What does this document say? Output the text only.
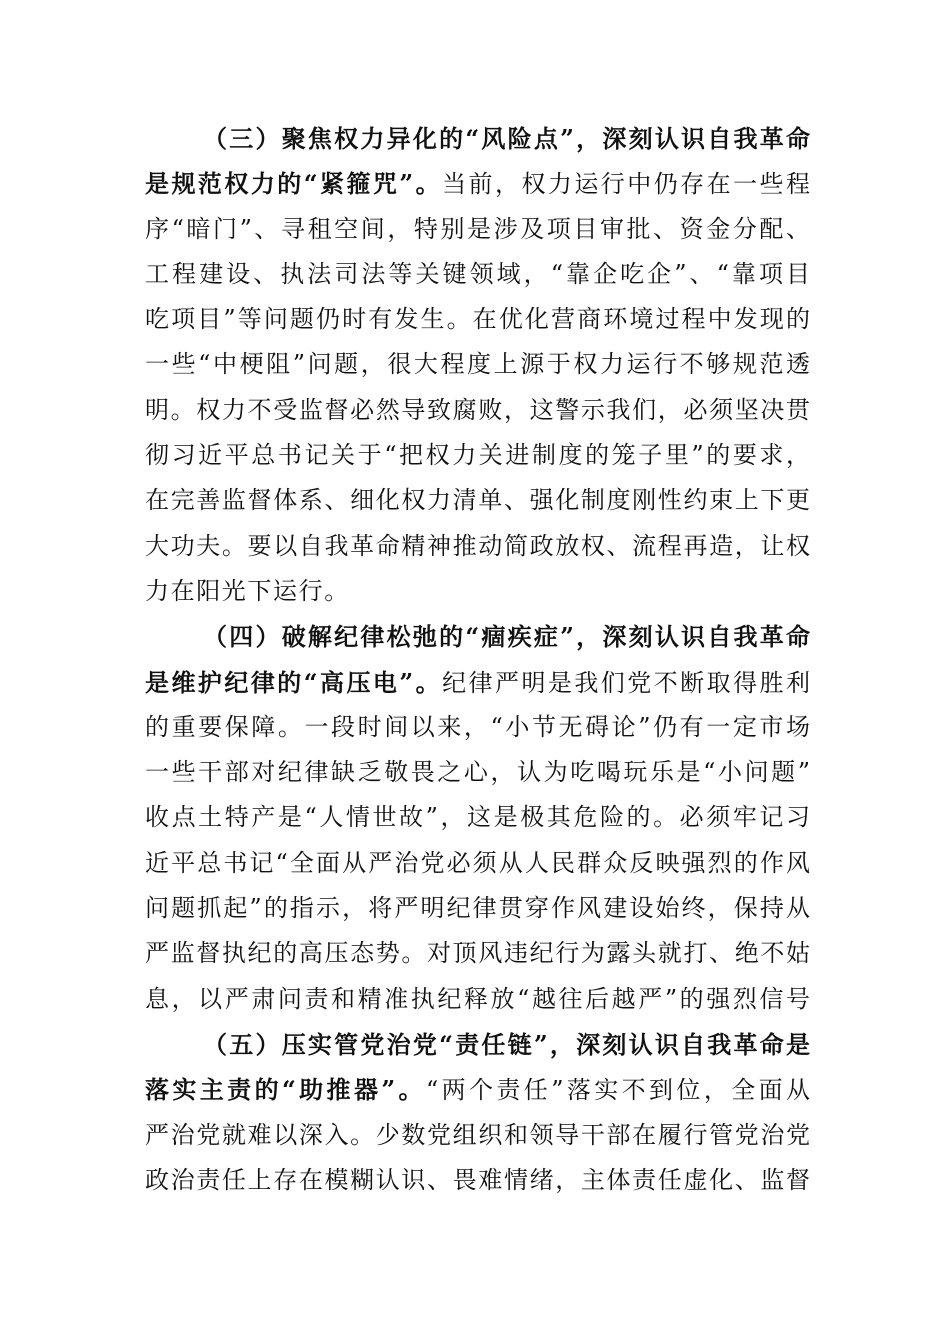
（三）聚焦权力异化的“风险点”，深刻认识自我革命
是规范权力的“紧箍咒”。当前，权力运行中仍存在一些程
序“暗门”、寻租空间，特别是涉及项目审批、资金分配、
工程建设、执法司法等关键领域，“靠企吃企”、“靠项目
吃项目”等问题仍时有发生。在优化营商环境过程中发现的
一些“中梗阻”问题，很大程度上源于权力运行不够规范透
明。权力不受监督必然导致腐败，这警示我们，必须坚决贯
彻习近平总书记关于“把权力关进制度的笼子里”的要求，
在完善监督体系、细化权力清单、强化制度刚性约束上下更
大功夫。要以自我革命精神推动简政放权、流程再造，让权
力在阳光下运行。
（四）破解纪律松弛的“痼疾症”，深刻认识自我革命
是维护纪律的“高压电”。纪律严明是我们党不断取得胜利
的重要保障。一段时间以来，“小节无碍论”仍有一定市场
一些干部对纪律缺乏敬畏之心，认为吃喝玩乐是“小问题”
收点土特产是“人情世故”，这是极其危险的。必须牢记习
近平总书记“全面从严治党必须从人民群众反映强烈的作风
问题抓起”的指示，将严明纪律贯穿作风建设始终，保持从
严监督执纪的高压态势。对顶风违纪行为露头就打、绝不姑
息，以严肃问责和精准执纪释放“越往后越严”的强烈信号
（五）压实管党治党“责任链”，深刻认识自我革命是
落实主责的“助推器”。“两个责任”落实不到位，全面从
严治党就难以深入。少数党组织和领导干部在履行管党治党
政治责任上存在模糊认识、畏难情绪，主体责任虚化、监督
